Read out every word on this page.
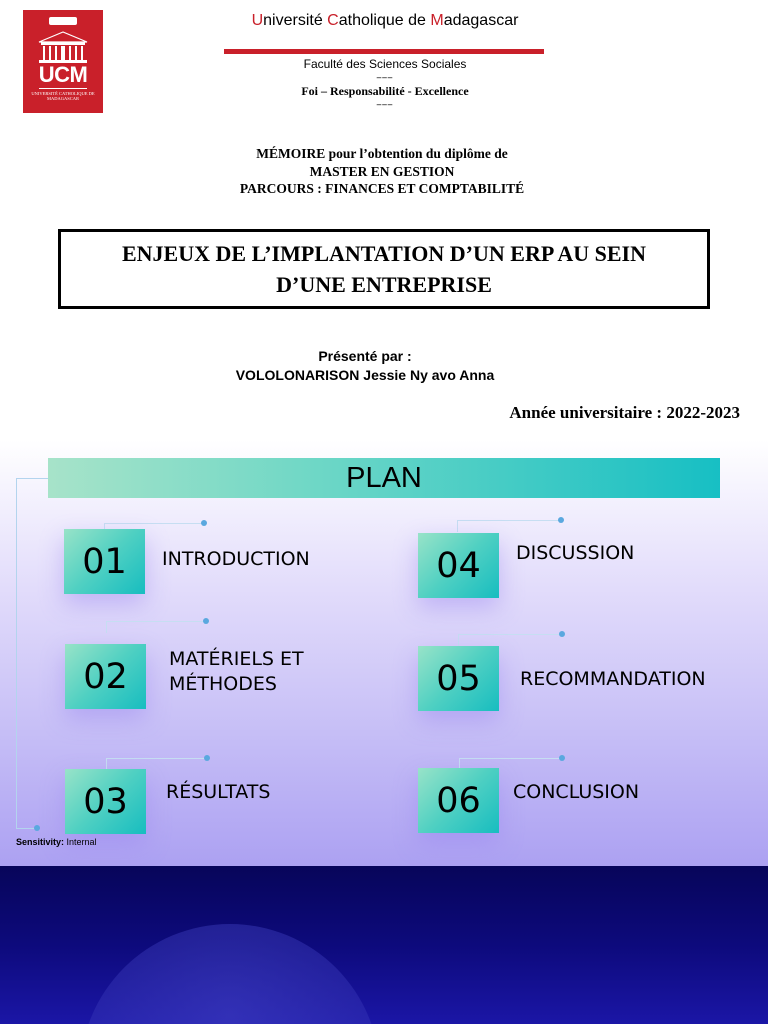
UCM
UNIVERSITÉ CATHOLIQUE DE MADAGASCAR
Université Catholique de Madagascar
Faculté des Sciences Sociales
–––
Foi – Responsabilité - Excellence
–––
MÉMOIRE pour l’obtention du diplôme de
MASTER EN GESTION
PARCOURS : FINANCES ET COMPTABILITÉ
ENJEUX DE L’IMPLANTATION D’UN ERP AU SEIN
D’UNE ENTREPRISE
Présenté par :
VOLOLONARISON Jessie Ny avo Anna
Année universitaire : 2022-2023
PLAN
01	INTRODUCTION
02	MATÉRIELS ET
MÉTHODES
03	RÉSULTATS
04	DISCUSSION
05	RECOMMANDATION
06	CONCLUSION
Sensitivity: Internal
